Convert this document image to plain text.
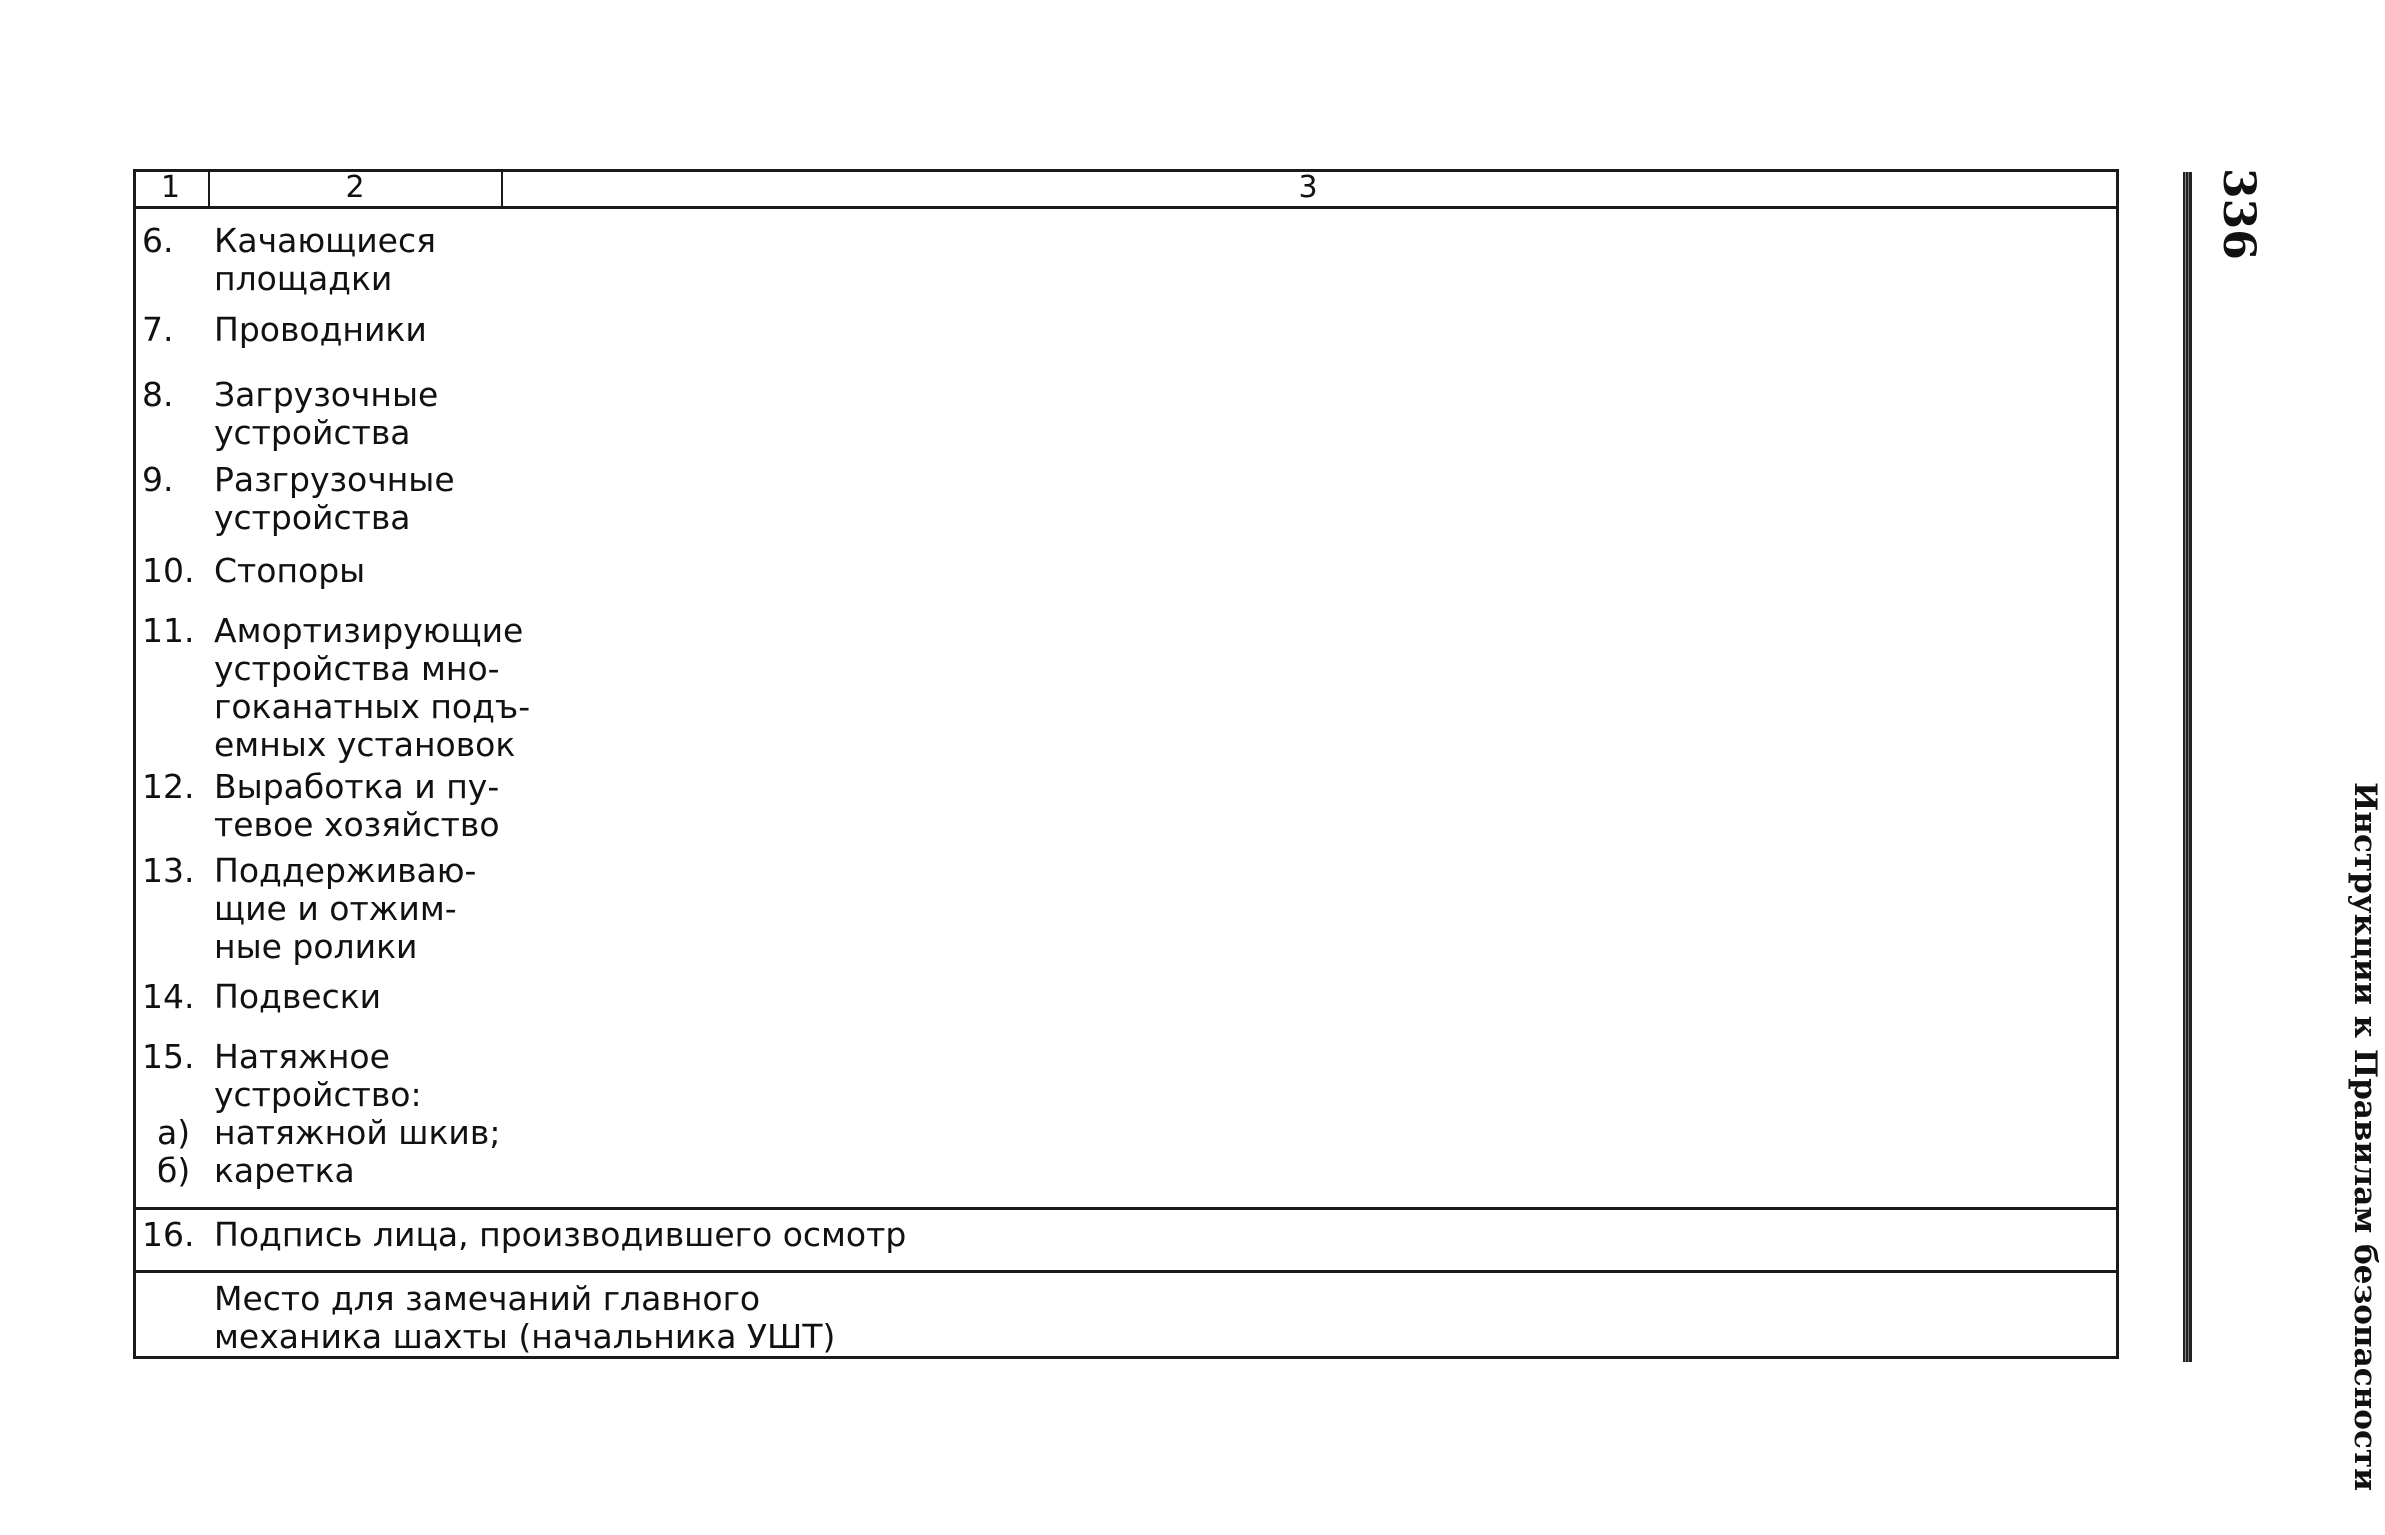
1	2	3
6.	Качающиеся
площадки
7.	Проводники
8.	Загрузочные
устройства
9.	Разгрузочные
устройства
10. Стопоры
11. Амортизирующие
устройства мно-
гоканатных подъ-
емных установок
12. Выработка и пу-
тевое хозяйство
13. Поддерживаю-
щие и отжим-
ные ролики
14. Подвески
15. Натяжное
устройство:
а) натяжной шкив;
б) каретка
16. Подпись лица, производившего осмотр
Место для замечаний главного
механика шахты (начальника УШТ)
336
Инструкции к Правилам безопасности
